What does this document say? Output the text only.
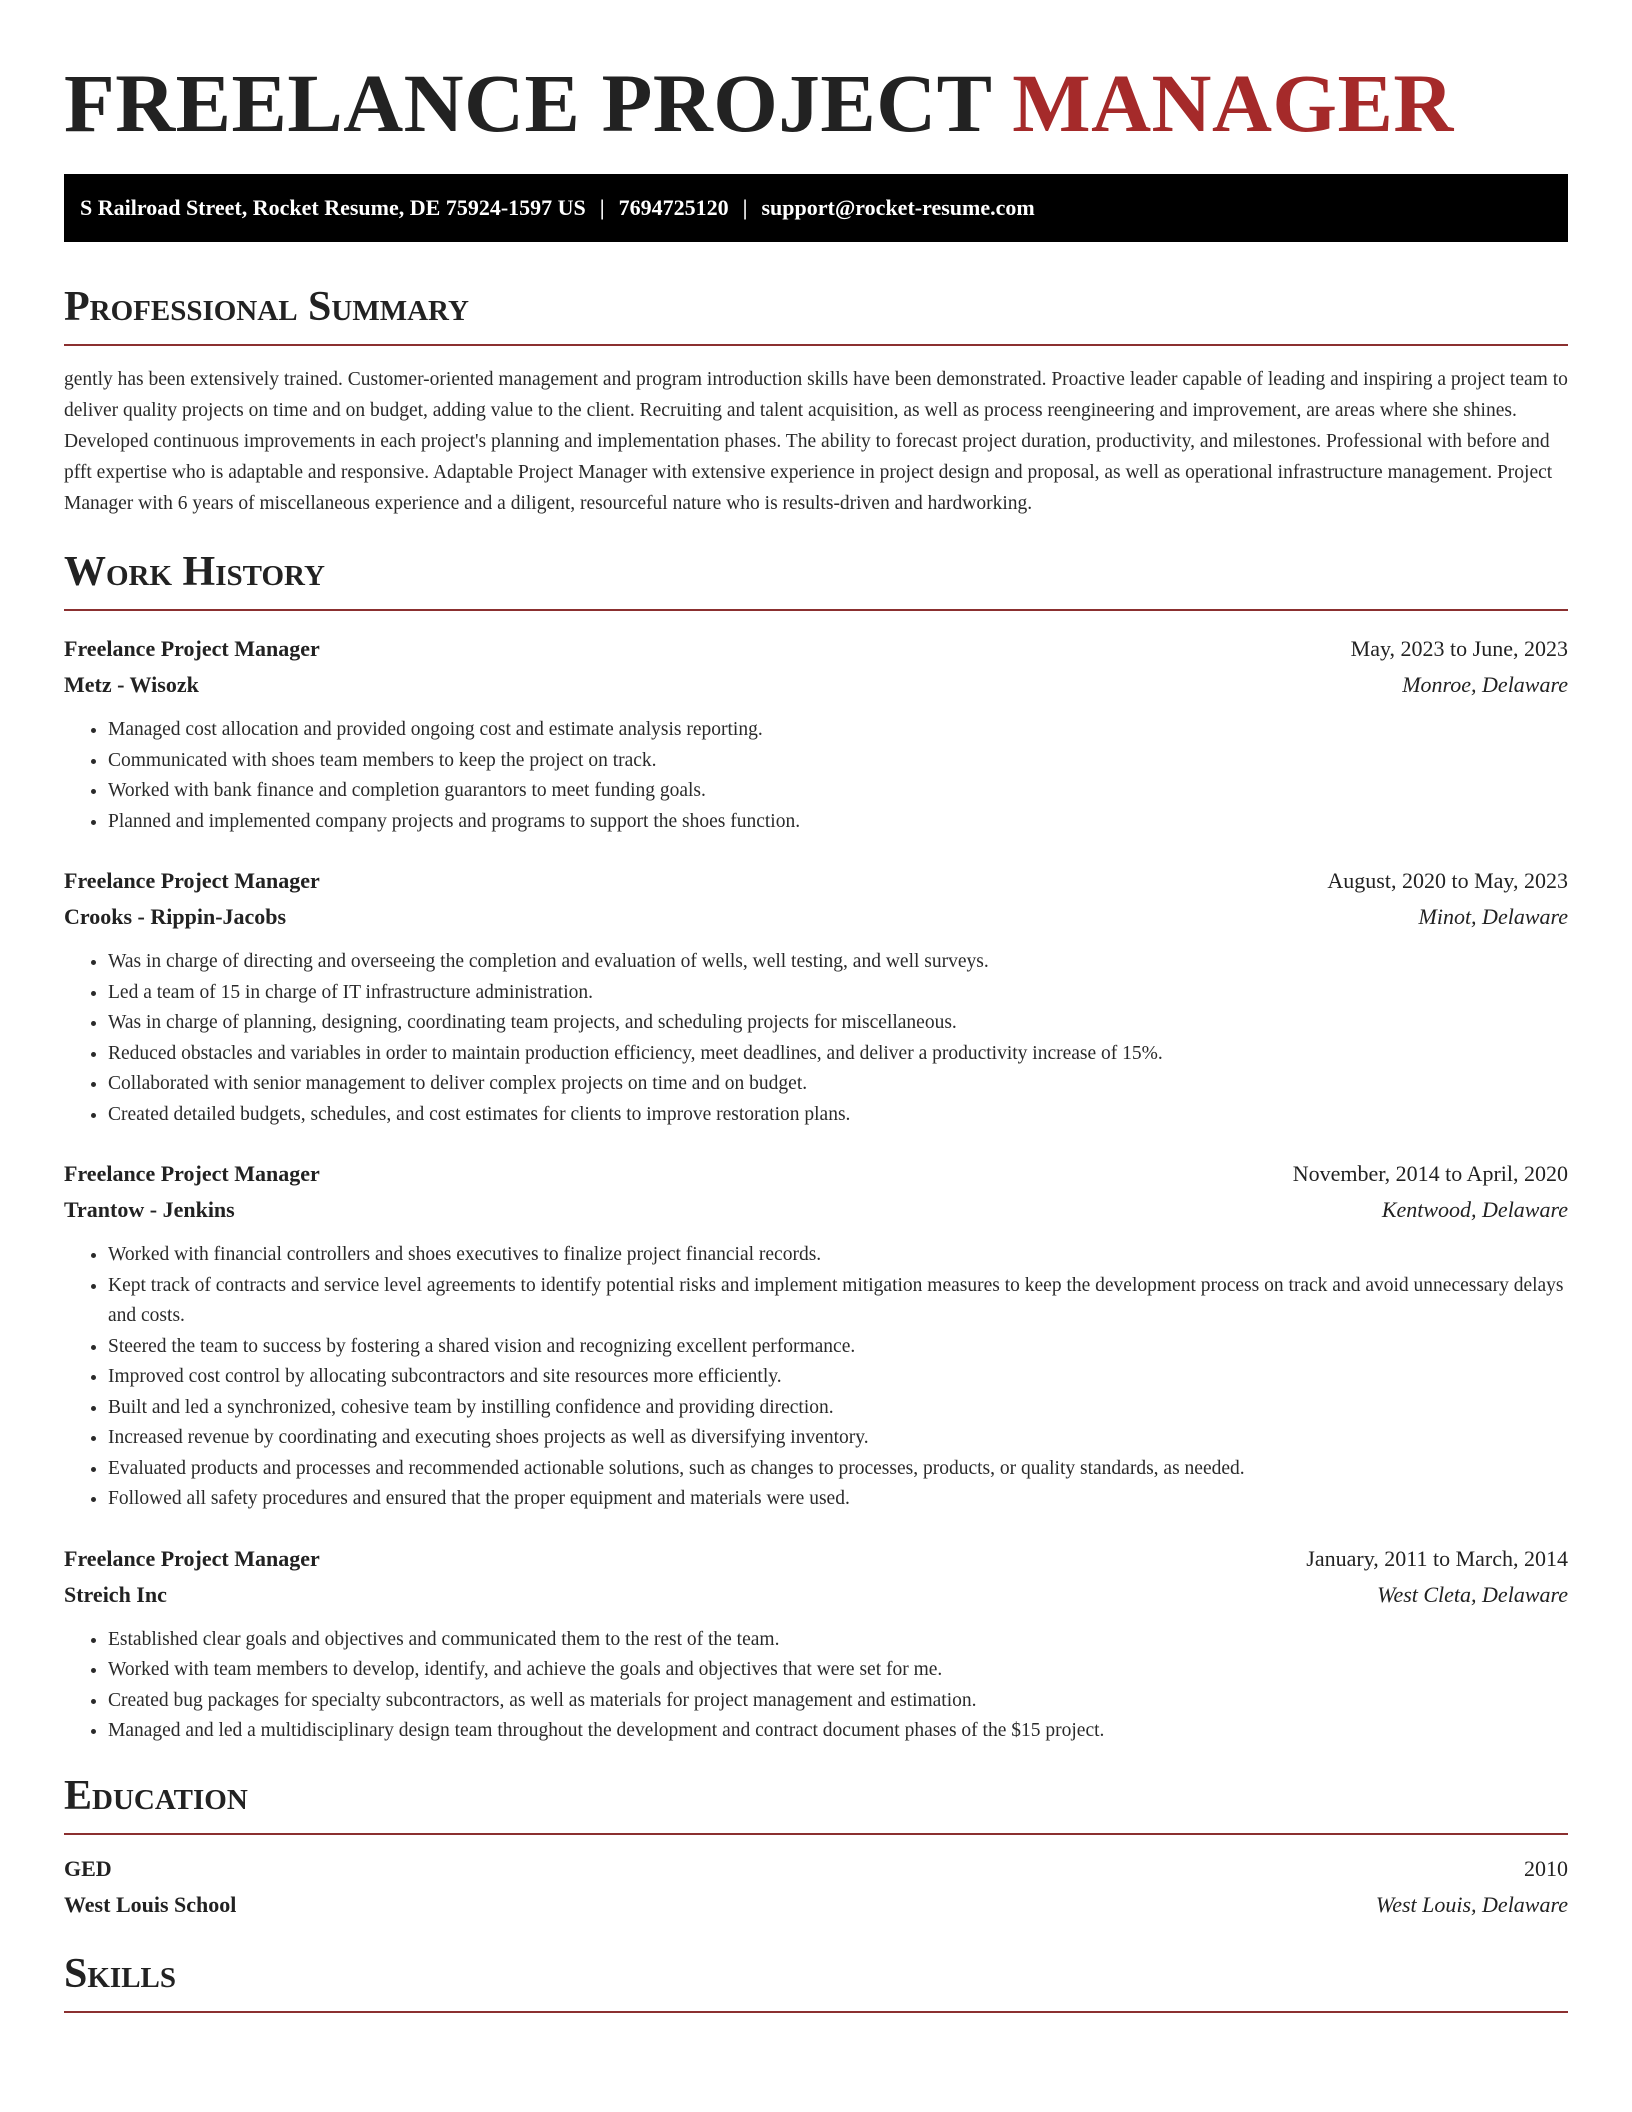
FREELANCE PROJECT MANAGER
S Railroad Street, Rocket Resume, DE 75924-1597 US | 7694725120 | support@rocket-resume.com
Professional Summary

gently has been extensively trained. Customer-oriented management and program introduction skills have been demonstrated. Proactive leader capable of leading and inspiring a project team to deliver quality projects on time and on budget, adding value to the client. Recruiting and talent acquisition, as well as process reengineering and improvement, are areas where she shines. Developed continuous improvements in each project's planning and implementation phases. The ability to forecast project duration, productivity, and milestones. Professional with before and pfft expertise who is adaptable and responsive. Adaptable Project Manager with extensive experience in project design and proposal, as well as operational infrastructure management. Project Manager with 6 years of miscellaneous experience and a diligent, resourceful nature who is results-driven and hardworking.

Work History
Freelance Project Manager	May, 2023 to June, 2023
Metz - Wisozk	Monroe, Delaware
• Managed cost allocation and provided ongoing cost and estimate analysis reporting.
• Communicated with shoes team members to keep the project on track.
• Worked with bank finance and completion guarantors to meet funding goals.
• Planned and implemented company projects and programs to support the shoes function.
Freelance Project Manager	August, 2020 to May, 2023
Crooks - Rippin-Jacobs	Minot, Delaware
• Was in charge of directing and overseeing the completion and evaluation of wells, well testing, and well surveys.
• Led a team of 15 in charge of IT infrastructure administration.
• Was in charge of planning, designing, coordinating team projects, and scheduling projects for miscellaneous.
• Reduced obstacles and variables in order to maintain production efficiency, meet deadlines, and deliver a productivity increase of 15%.
• Collaborated with senior management to deliver complex projects on time and on budget.
• Created detailed budgets, schedules, and cost estimates for clients to improve restoration plans.
Freelance Project Manager	November, 2014 to April, 2020
Trantow - Jenkins	Kentwood, Delaware
• Worked with financial controllers and shoes executives to finalize project financial records.
• Kept track of contracts and service level agreements to identify potential risks and implement mitigation measures to keep the development process on track and avoid unnecessary delays and costs.
• Steered the team to success by fostering a shared vision and recognizing excellent performance.
• Improved cost control by allocating subcontractors and site resources more efficiently.
• Built and led a synchronized, cohesive team by instilling confidence and providing direction.
• Increased revenue by coordinating and executing shoes projects as well as diversifying inventory.
• Evaluated products and processes and recommended actionable solutions, such as changes to processes, products, or quality standards, as needed.
• Followed all safety procedures and ensured that the proper equipment and materials were used.
Freelance Project Manager	January, 2011 to March, 2014
Streich Inc	West Cleta, Delaware
• Established clear goals and objectives and communicated them to the rest of the team.
• Worked with team members to develop, identify, and achieve the goals and objectives that were set for me.
• Created bug packages for specialty subcontractors, as well as materials for project management and estimation.
• Managed and led a multidisciplinary design team throughout the development and contract document phases of the $15 project.
Education
GED	2010
West Louis School	West Louis, Delaware
Skills
